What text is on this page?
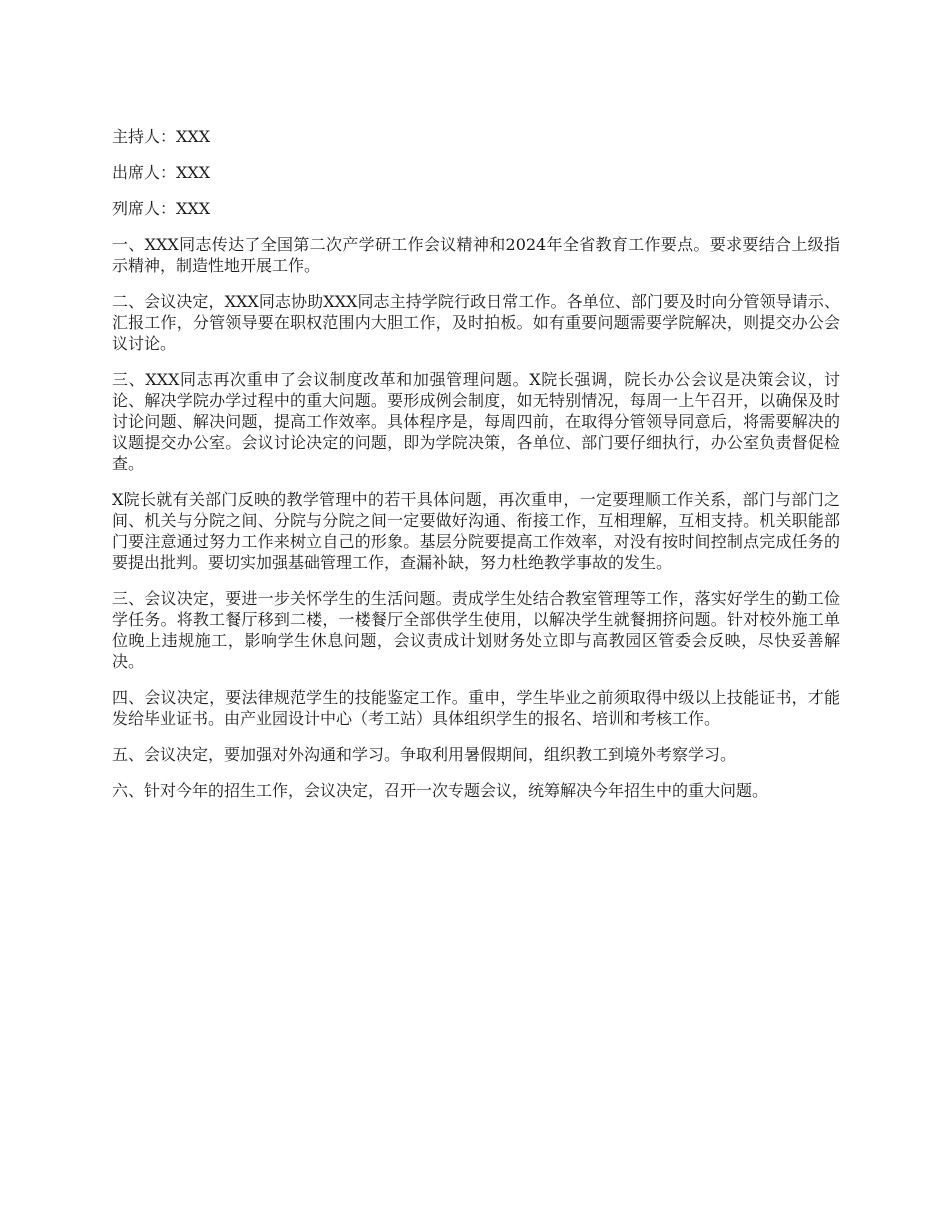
主持人：XXX

出席人：XXX

列席人：XXX

一、XXX同志传达了全国第二次产学研工作会议精神和2024年全省教育工作要点。要求要结合上级指示精神，制造性地开展工作。

二、会议决定，XXX同志协助XXX同志主持学院行政日常工作。各单位、部门要及时向分管领导请示、汇报工作，分管领导要在职权范围内大胆工作，及时拍板。如有重要问题需要学院解决，则提交办公会议讨论。

三、XXX同志再次重申了会议制度改革和加强管理问题。X院长强调，院长办公会议是决策会议，讨论、解决学院办学过程中的重大问题。要形成例会制度，如无特别情况，每周一上午召开，以确保及时讨论问题、解决问题，提高工作效率。具体程序是，每周四前，在取得分管领导同意后，将需要解决的议题提交办公室。会议讨论决定的问题，即为学院决策，各单位、部门要仔细执行，办公室负责督促检查。

X院长就有关部门反映的教学管理中的若干具体问题，再次重申，一定要理顺工作关系，部门与部门之间、机关与分院之间、分院与分院之间一定要做好沟通、衔接工作，互相理解，互相支持。机关职能部门要注意通过努力工作来树立自己的形象。基层分院要提高工作效率，对没有按时间控制点完成任务的要提出批判。要切实加强基础管理工作，查漏补缺，努力杜绝教学事故的发生。

三、会议决定，要进一步关怀学生的生活问题。责成学生处结合教室管理等工作，落实好学生的勤工俭学任务。将教工餐厅移到二楼，一楼餐厅全部供学生使用，以解决学生就餐拥挤问题。针对校外施工单位晚上违规施工，影响学生休息问题，会议责成计划财务处立即与高教园区管委会反映，尽快妥善解决。

四、会议决定，要法律规范学生的技能鉴定工作。重申，学生毕业之前须取得中级以上技能证书，才能发给毕业证书。由产业园设计中心（考工站）具体组织学生的报名、培训和考核工作。

五、会议决定，要加强对外沟通和学习。争取利用暑假期间，组织教工到境外考察学习。

六、针对今年的招生工作，会议决定，召开一次专题会议，统筹解决今年招生中的重大问题。
